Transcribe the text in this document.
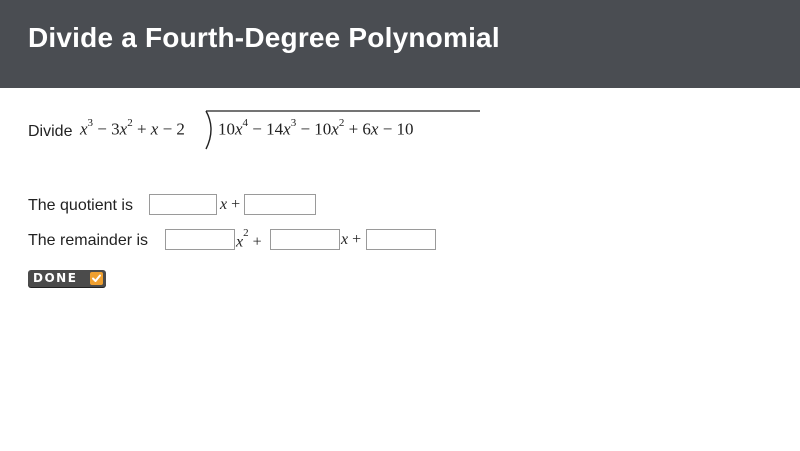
Divide a Fourth-Degree Polynomial
Divide $x^3 - 3x^2 + x - 2$ $10x^4 - 14x^3 - 10x^2 + 6x - 10$
The quotient is	x +
The remainder is	$x^2$ +	x +
DONE
